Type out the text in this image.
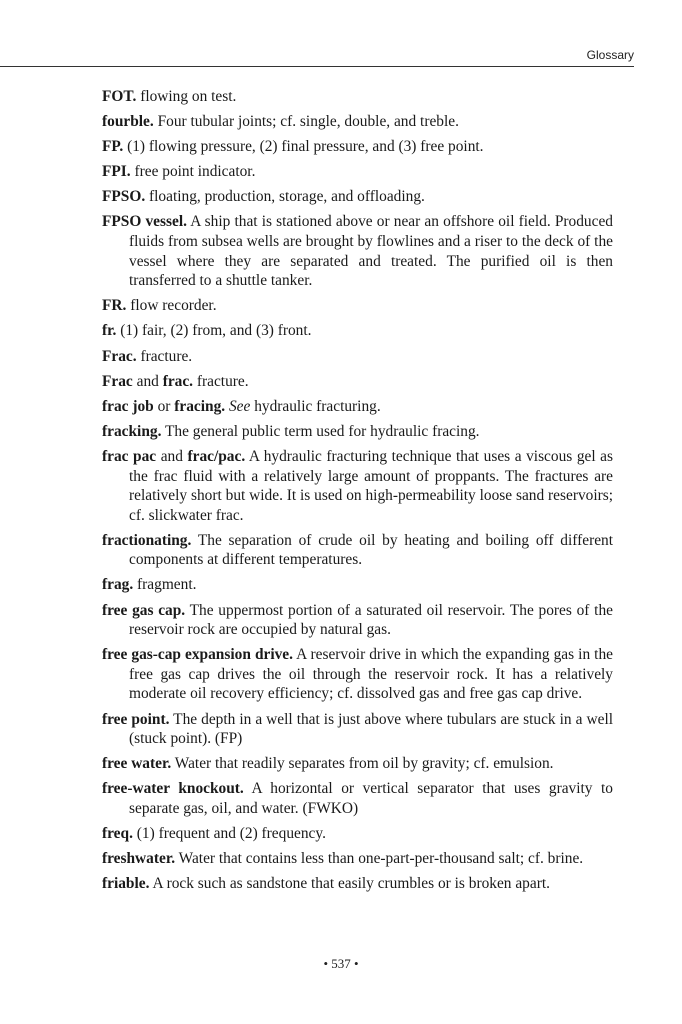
Glossary

FOT. flowing on test.

fourble. Four tubular joints; cf. single, double, and treble.

FP. (1) flowing pressure, (2) final pressure, and (3) free point.

FPI. free point indicator.

FPSO. floating, production, storage, and offloading.

FPSO vessel. A ship that is stationed above or near an offshore oil field. Produced fluids from subsea wells are brought by flowlines and a riser to the deck of the vessel where they are separated and treated. The purified oil is then transferred to a shuttle tanker.

FR. flow recorder.

fr. (1) fair, (2) from, and (3) front.

Frac. fracture.

Frac and frac. fracture.

frac job or fracing. See hydraulic fracturing.

fracking. The general public term used for hydraulic fracing.

frac pac and frac/pac. A hydraulic fracturing technique that uses a viscous gel as the frac fluid with a relatively large amount of proppants. The fractures are relatively short but wide. It is used on high-permeability loose sand reservoirs; cf. slickwater frac.

fractionating. The separation of crude oil by heating and boiling off different components at different temperatures.

frag. fragment.

free gas cap. The uppermost portion of a saturated oil reservoir. The pores of the reservoir rock are occupied by natural gas.

free gas-cap expansion drive. A reservoir drive in which the expanding gas in the free gas cap drives the oil through the reservoir rock. It has a relatively moderate oil recovery efficiency; cf. dissolved gas and free gas cap drive.

free point. The depth in a well that is just above where tubulars are stuck in a well (stuck point). (FP)

free water. Water that readily separates from oil by gravity; cf. emulsion.

free-water knockout. A horizontal or vertical separator that uses gravity to separate gas, oil, and water. (FWKO)

freq. (1) frequent and (2) frequency.

freshwater. Water that contains less than one-part-per-thousand salt; cf. brine.

friable. A rock such as sandstone that easily crumbles or is broken apart.

• 537 •
